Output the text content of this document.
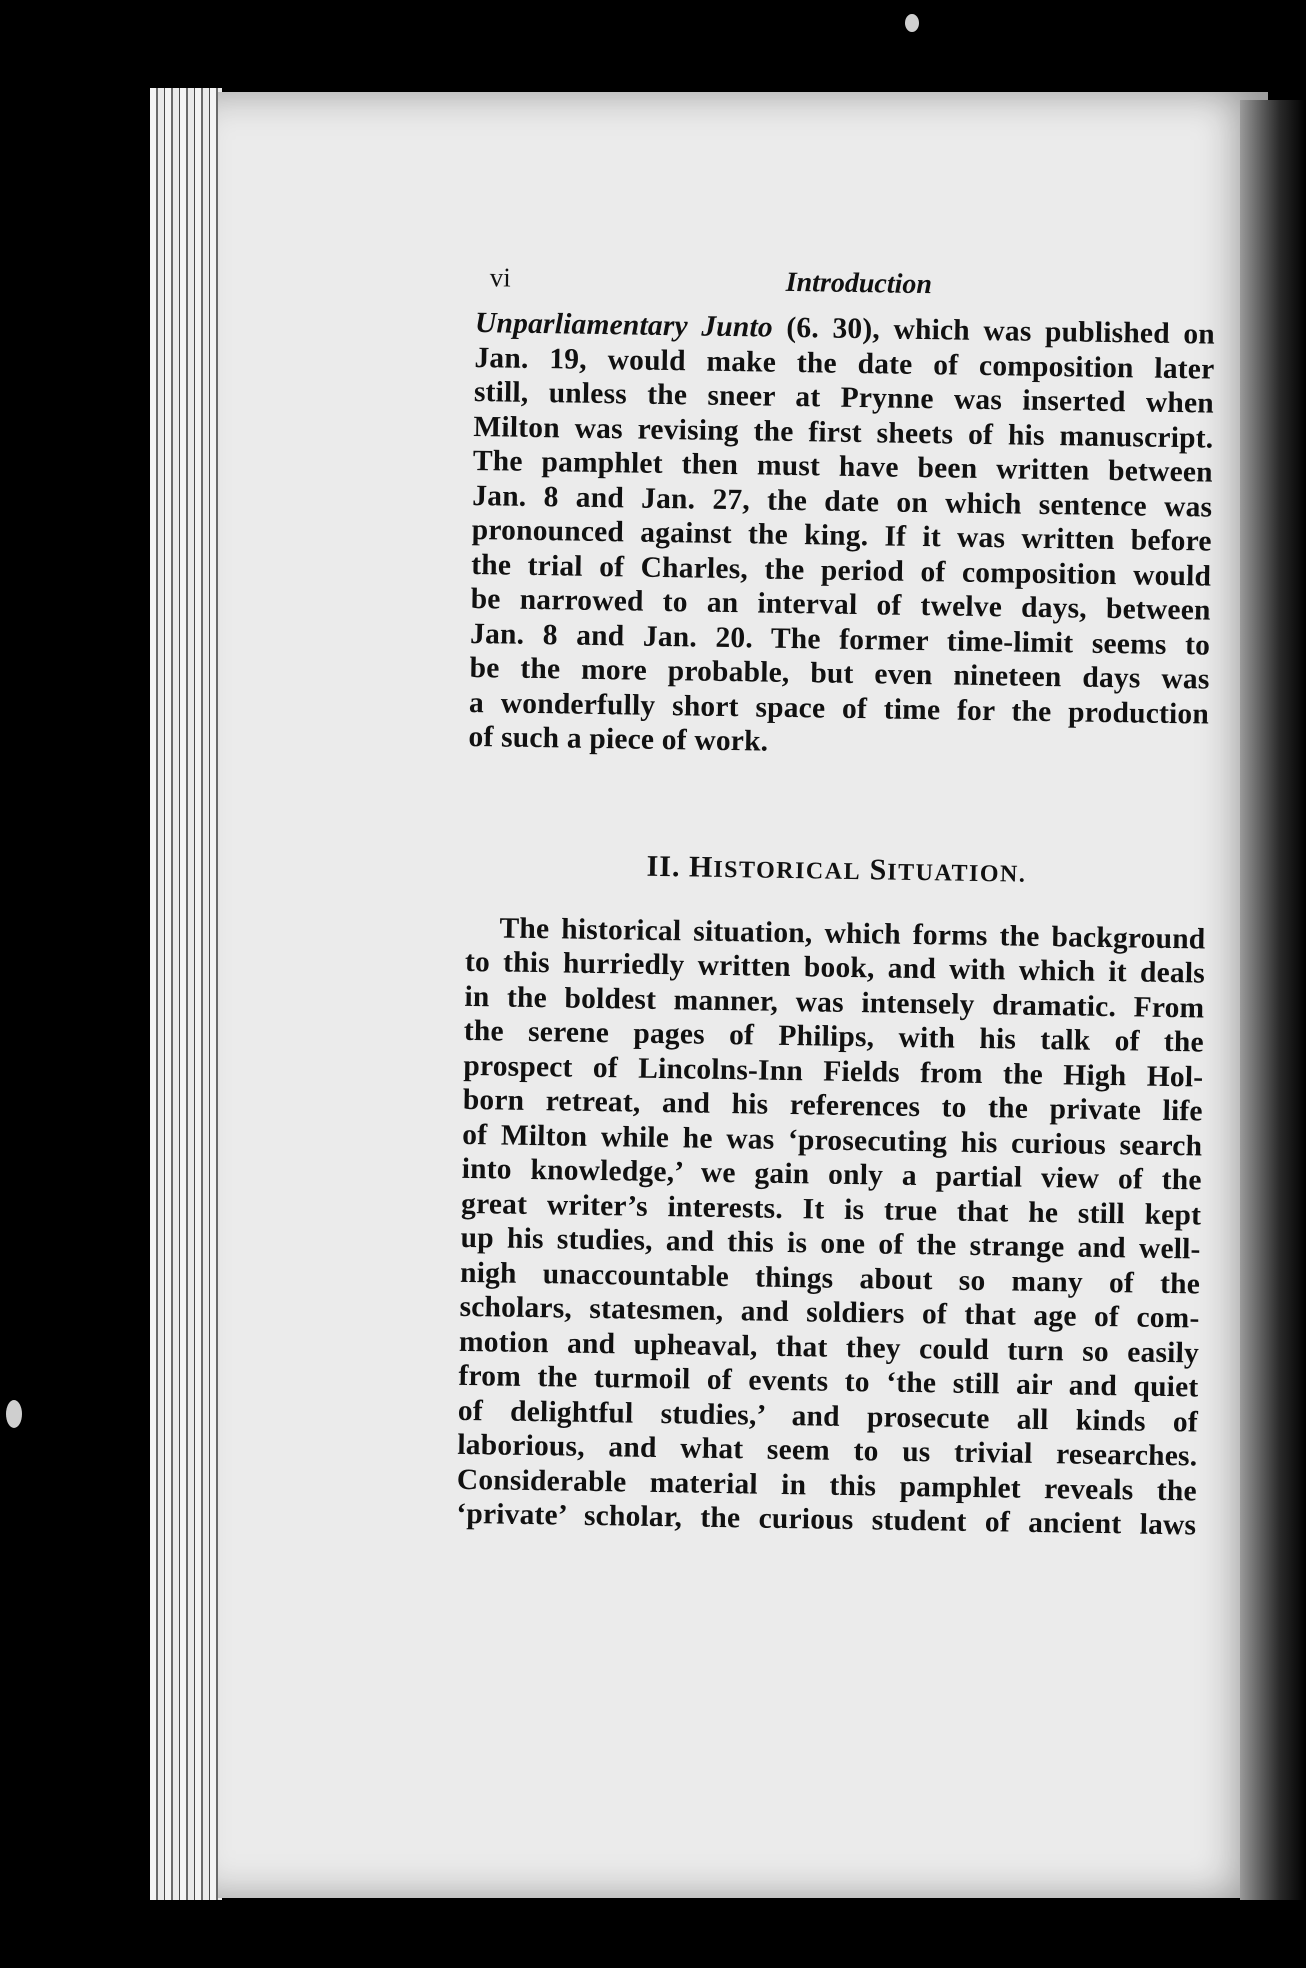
vi	Introduction
Unparliamentary Junto (6. 30), which was published on
Jan. 19, would make the date of composition later
still, unless the sneer at Prynne was inserted when
Milton was revising the first sheets of his manuscript.
The pamphlet then must have been written between
Jan. 8 and Jan. 27, the date on which sentence was
pronounced against the king. If it was written before
the trial of Charles, the period of composition would
be narrowed to an interval of twelve days, between
Jan. 8 and Jan. 20. The former time-limit seems to
be the more probable, but even nineteen days was
a wonderfully short space of time for the production
of such a piece of work.
II. HISTORICAL SITUATION.
The historical situation, which forms the background
to this hurriedly written book, and with which it deals
in the boldest manner, was intensely dramatic. From
the serene pages of Philips, with his talk of the
prospect of Lincolns-Inn Fields from the High Hol-
born retreat, and his references to the private life
of Milton while he was ‘prosecuting his curious search
into knowledge,’ we gain only a partial view of the
great writer’s interests. It is true that he still kept
up his studies, and this is one of the strange and well-
nigh unaccountable things about so many of the
scholars, statesmen, and soldiers of that age of com-
motion and upheaval, that they could turn so easily
from the turmoil of events to ‘the still air and quiet
of delightful studies,’ and prosecute all kinds of
laborious, and what seem to us trivial researches.
Considerable material in this pamphlet reveals the
‘private’ scholar, the curious student of ancient laws
